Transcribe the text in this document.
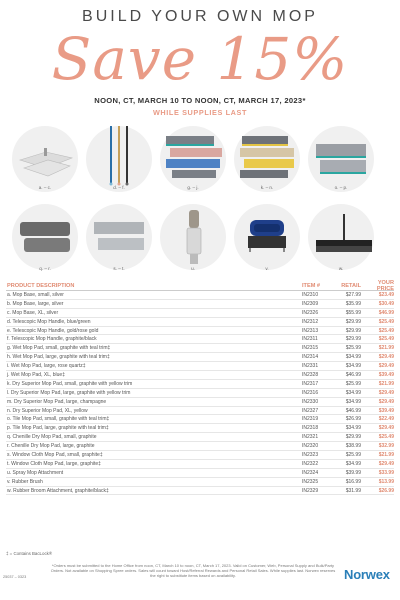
BUILD YOUR OWN MOP
Save 15%
NOON, CT, MARCH 10 TO NOON, CT, MARCH 17, 2023*
WHILE SUPPLIES LAST
a. – c.	d. – f.	g. – j.	k. – n.	o. – p.
q. – r.	s. – t.	u.	v.	w.
PRODUCT DESCRIPTION	ITEM #	RETAIL	YOUR PRICE
a. Mop Base, small, silver	IN2310	$27.99	$23.49
b. Mop Base, large, silver	IN2309	$35.99	$30.49
c. Mop Base, XL, silver	IN2326	$55.99	$46.99
d. Telescopic Mop Handle, blue/green	IN2312	$29.99	$25.49
e. Telescopic Mop Handle, gold/rose gold	IN2313	$29.99	$25.49
f. Telescopic Mop Handle, graphite/black	IN2311	$29.99	$25.49
g. Wet Mop Pad, small, graphite with teal trim‡	IN2315	$25.99	$21.99
h. Wet Mop Pad, large, graphite with teal trim‡	IN2314	$34.99	$29.49
i. Wet Mop Pad, large, rose quartz‡	IN2331	$34.99	$29.49
j. Wet Mop Pad, XL, blue‡	IN2328	$46.99	$39.49
k. Dry Superior Mop Pad, small, graphite with yellow trim	IN2317	$25.99	$21.99
l. Dry Superior Mop Pad, large, graphite with yellow trim	IN2316	$34.99	$29.49
m. Dry Superior Mop Pad, large, champagne	IN2330	$34.99	$29.49
n. Dry Superior Mop Pad, XL, yellow	IN2327	$46.99	$39.49
o. Tile Mop Pad, small, graphite with teal trim‡	IN2319	$26.99	$22.49
p. Tile Mop Pad, large, graphite with teal trim‡	IN2318	$34.99	$29.49
q. Chenille Dry Mop Pad, small, graphite	IN2321	$29.99	$25.49
r. Chenille Dry Mop Pad, large, graphite	IN2320	$38.99	$32.99
s. Window Cloth Mop Pad, small, graphite‡	IN2323	$25.99	$21.99
t. Window Cloth Mop Pad, large, graphite‡	IN2322	$34.99	$29.49
u. Spray Mop Attachment	IN2324	$39.99	$33.99
v. Rubber Brush	IN2325	$16.99	$13.99
w. Rubber Broom Attachment, graphite/black‡	IN2329	$31.99	$26.99
‡ = Contains BacLock®
*Orders must be submitted to the Home Office from noon, CT, March 10 to noon, CT, March 17, 2023. Valid on Customer, Web, Personal Supply and Bulk/Party Orders. Not available on Shopping Spree orders. Sales will count toward Host/Referral Rewards and Personal Retail Sales. While supplies last. Norwex reserves the right to substitute items based on availability.
25037 – 0323	Norwex
